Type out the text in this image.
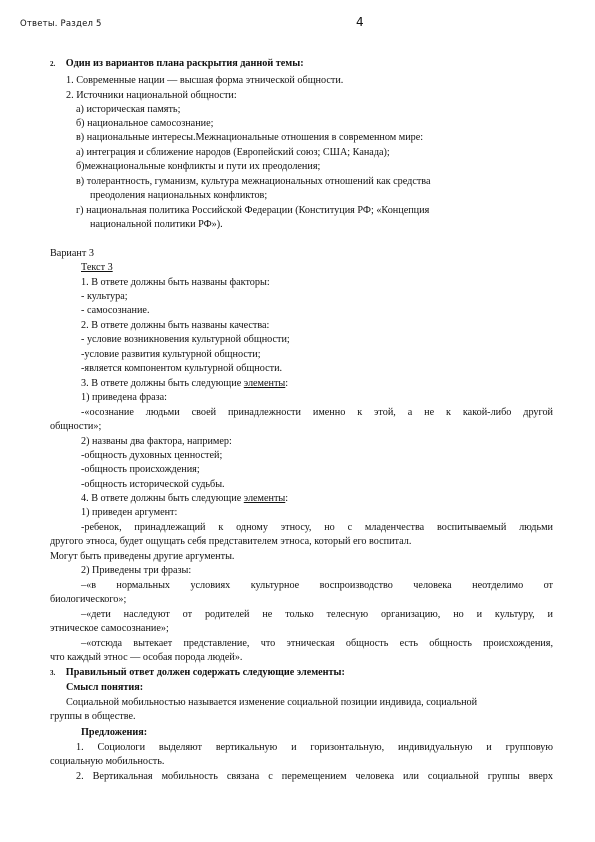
Ответы. Раздел 5	4
2. Один из вариантов плана раскрытия данной темы:
1. Современные нации — высшая форма этнической общности.
2. Источники национальной общности:
а) историческая память;
б) национальное самосознание;
в) национальные интересы.Межнациональные отношения в современном мире:
а) интеграция и сближение народов (Европейский союз; США; Канада);
б)межнациональные конфликты и пути их преодоления;
в) толерантность, гуманизм, культура межнациональных отношений как средства
преодоления национальных конфликтов;
г) национальная политика Российской Федерации (Конституция РФ; «Концепция
национальной политики РФ»).
Вариант 3
Текст 3
1. В ответе должны быть названы факторы:
- культура;
- самосознание.
2. В ответе должны быть названы качества:
- условие возникновения культурной общности;
-условие развития культурной общности;
-является компонентом культурной общности.
3. В ответе должны быть следующие элементы:
1) приведена фраза:
-«осознание людьми своей принадлежности именно к этой, а не к какой-либо другой
общности»;
2) названы два фактора, например:
-общность духовных ценностей;
-общность происхождения;
-общность исторической судьбы.
4. В ответе должны быть следующие элементы:
1) приведен аргумент:
-ребенок, принадлежащий к одному этносу, но с младенчества воспитываемый людьми
другого этноса, будет ощущать себя представителем этноса, который его воспитал.
Могут быть приведены другие аргументы.
2) Приведены три фразы:
–«в нормальных условиях культурное воспроизводство человека неотделимо от
биологического»;
–«дети наследуют от родителей не только телесную организацию, но и культуру, и
этническое самосознание»;
–«отсюда вытекает представление, что этническая общность есть общность происхождения,
что каждый этнос — особая порода людей».
3. Правильный ответ должен содержать следующие элементы:
Смысл понятия:
Социальной мобильностью называется изменение социальной позиции индивида, социальной
группы в обществе.
Предложения:
1. Социологи выделяют вертикальную и горизонтальную, индивидуальную и групповую
социальную мобильность.
2. Вертикальная мобильность связана с перемещением человека или социальной группы вверх
